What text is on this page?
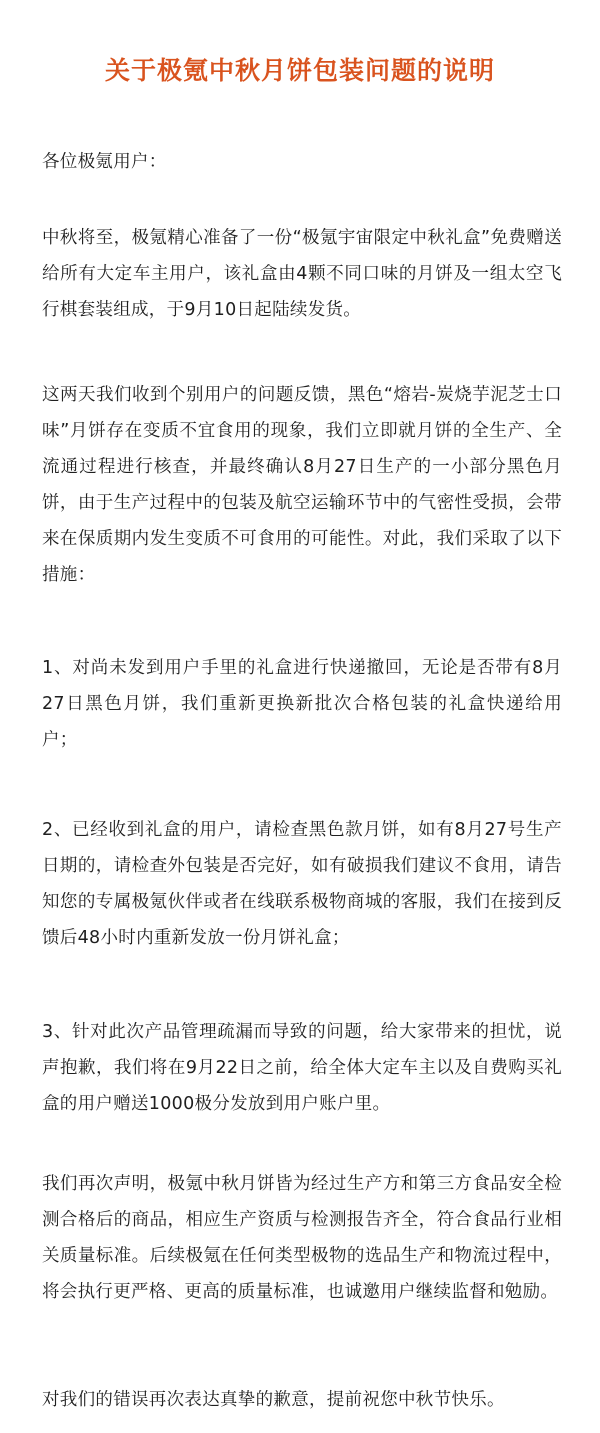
关于极氪中秋月饼包装问题的说明
各位极氪用户：
中秋将至，极氪精心准备了一份“极氪宇宙限定中秋礼盒”免费赠送给所有大定车主用户，该礼盒由4颗不同口味的月饼及一组太空飞行棋套装组成，于9月10日起陆续发货。
这两天我们收到个别用户的问题反馈，黑色“熔岩-炭烧芋泥芝士口味”月饼存在变质不宜食用的现象，我们立即就月饼的全生产、全流通过程进行核查，并最终确认8月27日生产的一小部分黑色月饼，由于生产过程中的包装及航空运输环节中的气密性受损，会带来在保质期内发生变质不可食用的可能性。对此，我们采取了以下措施：
1、对尚未发到用户手里的礼盒进行快递撤回，无论是否带有8月27日黑色月饼，我们重新更换新批次合格包装的礼盒快递给用户；
2、已经收到礼盒的用户，请检查黑色款月饼，如有8月27号生产日期的，请检查外包装是否完好，如有破损我们建议不食用，请告知您的专属极氪伙伴或者在线联系极物商城的客服，我们在接到反馈后48小时内重新发放一份月饼礼盒；
3、针对此次产品管理疏漏而导致的问题，给大家带来的担忧，说声抱歉，我们将在9月22日之前，给全体大定车主以及自费购买礼盒的用户赠送1000极分发放到用户账户里。
我们再次声明，极氪中秋月饼皆为经过生产方和第三方食品安全检测合格后的商品，相应生产资质与检测报告齐全，符合食品行业相关质量标准。后续极氪在任何类型极物的选品生产和物流过程中，将会执行更严格、更高的质量标准，也诚邀用户继续监督和勉励。
对我们的错误再次表达真挚的歉意，提前祝您中秋节快乐。
